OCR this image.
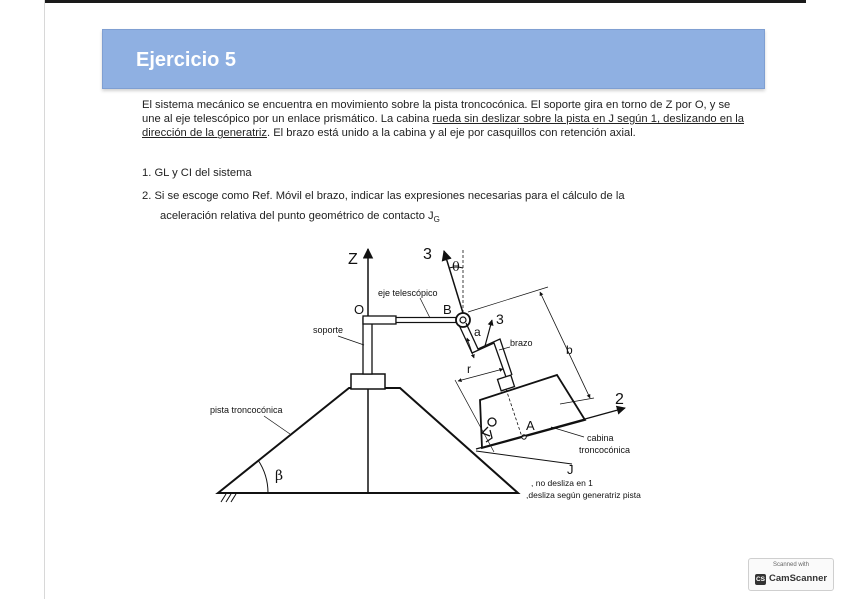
Ejercicio 5
El sistema mecánico se encuentra en movimiento sobre la pista troncocónica. El soporte gira en torno de Z por O, y se une al eje telescópico por un enlace prismático. La cabina rueda sin deslizar sobre la pista en J según 1, deslizando en la dirección de la generatriz. El brazo está unido a la cabina y al eje por casquillos con retención axial.
1. GL y CI del sistema
2. Si se escoge como Ref. Móvil el brazo, indicar las expresiones necesarias para el cálculo de la
aceleración relativa del punto geométrico de contacto $J_G$
Z
2
3
θ
3
a
b
r
β
O	B
A
J
eje telescópico
soporte
brazo
pista troncocónica
cabina
troncocónica
, no desliza en 1
,desliza según generatriz pista
Scanned with
CS CamScanner
